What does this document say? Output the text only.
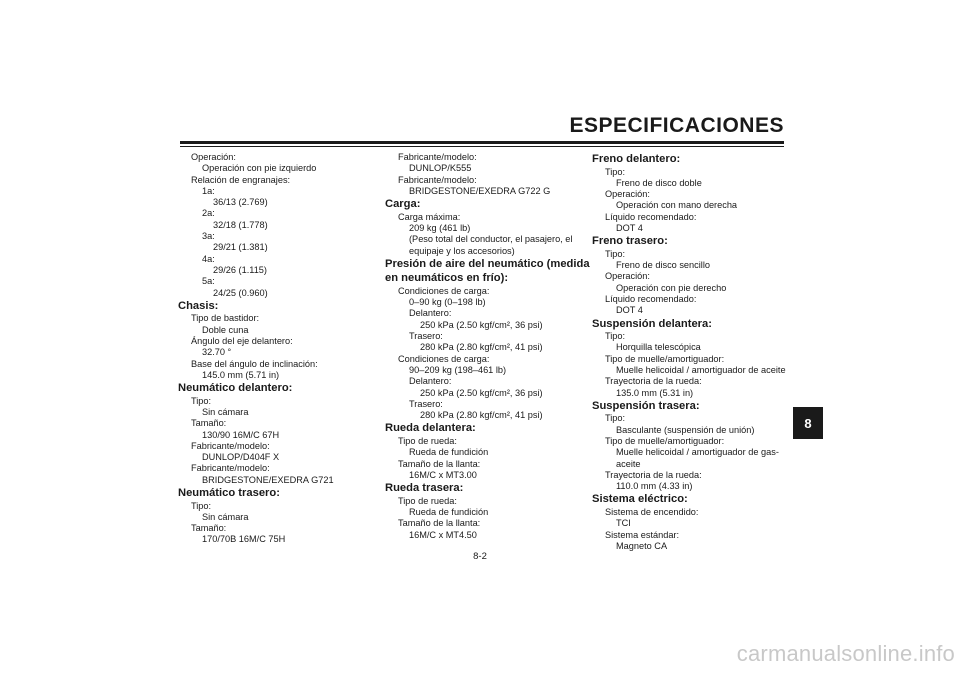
ESPECIFICACIONES
8
Operación:
Operación con pie izquierdo
Relación de engranajes:
1a:
36/13 (2.769)
2a:
32/18 (1.778)
3a:
29/21 (1.381)
4a:
29/26 (1.115)
5a:
24/25 (0.960)
Chasis:
Tipo de bastidor:
Doble cuna
Ángulo del eje delantero:
32.70 °
Base del ángulo de inclinación:
145.0 mm (5.71 in)
Neumático delantero:
Tipo:
Sin cámara
Tamaño:
130/90 16M/C 67H
Fabricante/modelo:
DUNLOP/D404F X
Fabricante/modelo:
BRIDGESTONE/EXEDRA G721
Neumático trasero:
Tipo:
Sin cámara
Tamaño:
170/70B 16M/C 75H
Fabricante/modelo:
DUNLOP/K555
Fabricante/modelo:
BRIDGESTONE/EXEDRA G722 G
Carga:
Carga máxima:
209 kg (461 lb)
(Peso total del conductor, el pasajero, el
equipaje y los accesorios)
Presión de aire del neumático (medida
en neumáticos en frío):
Condiciones de carga:
0–90 kg (0–198 lb)
Delantero:
250 kPa (2.50 kgf/cm², 36 psi)
Trasero:
280 kPa (2.80 kgf/cm², 41 psi)
Condiciones de carga:
90–209 kg (198–461 lb)
Delantero:
250 kPa (2.50 kgf/cm², 36 psi)
Trasero:
280 kPa (2.80 kgf/cm², 41 psi)
Rueda delantera:
Tipo de rueda:
Rueda de fundición
Tamaño de la llanta:
16M/C x MT3.00
Rueda trasera:
Tipo de rueda:
Rueda de fundición
Tamaño de la llanta:
16M/C x MT4.50
Freno delantero:
Tipo:
Freno de disco doble
Operación:
Operación con mano derecha
Líquido recomendado:
DOT 4
Freno trasero:
Tipo:
Freno de disco sencillo
Operación:
Operación con pie derecho
Líquido recomendado:
DOT 4
Suspensión delantera:
Tipo:
Horquilla telescópica
Tipo de muelle/amortiguador:
Muelle helicoidal / amortiguador de aceite
Trayectoria de la rueda:
135.0 mm (5.31 in)
Suspensión trasera:
Tipo:
Basculante (suspensión de unión)
Tipo de muelle/amortiguador:
Muelle helicoidal / amortiguador de gas-
aceite
Trayectoria de la rueda:
110.0 mm (4.33 in)
Sistema eléctrico:
Sistema de encendido:
TCI
Sistema estándar:
Magneto CA
8-2
carmanualsonline.info
